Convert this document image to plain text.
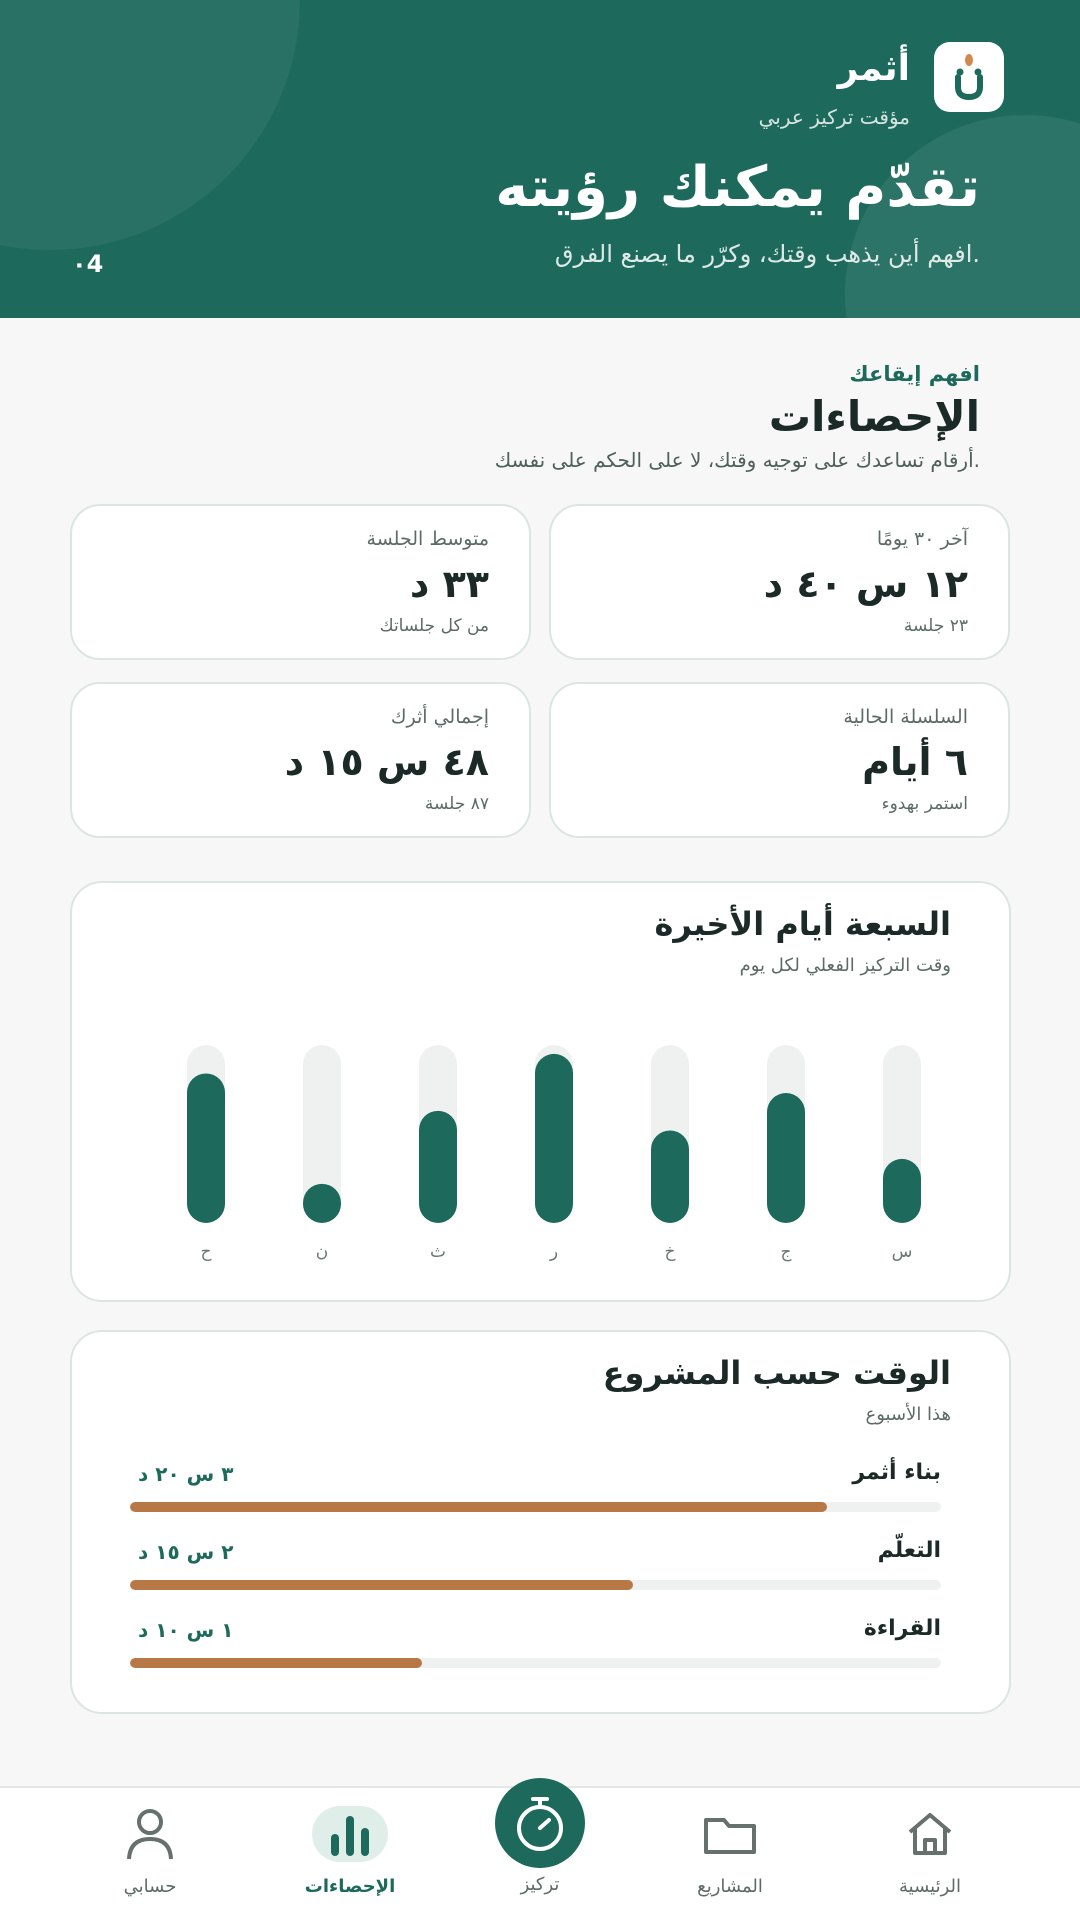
أثمر
مؤقت تركيز عربي
تقدّم يمكنك رؤيته

.افهم أين يذهب وقتك، وكرّر ما يصنع الفرق

٠4
افهم إيقاعك
الإحصاءات

.أرقام تساعدك على توجيه وقتك، لا على الحكم على نفسك

آخر ٣٠ يومًا
١٢ س ٤٠ د
٢٣ جلسة
متوسط الجلسة
٣٣ د
من كل جلساتك
السلسلة الحالية
٦ أيام
استمر بهدوء
إجمالي أثرك
٤٨ س ١٥ د
٨٧ جلسة
السبعة أيام الأخيرة

وقت التركيز الفعلي لكل يوم

س
ج
خ
ر
ث
ن
ح
الوقت حسب المشروع

هذا الأسبوع

بناء أثمر
٣ س ٢٠ د
التعلّم
٢ س ١٥ د
القراءة
١ س ١٠ د
الرئيسية
المشاريع
الإحصاءات
حسابي	تركيز
